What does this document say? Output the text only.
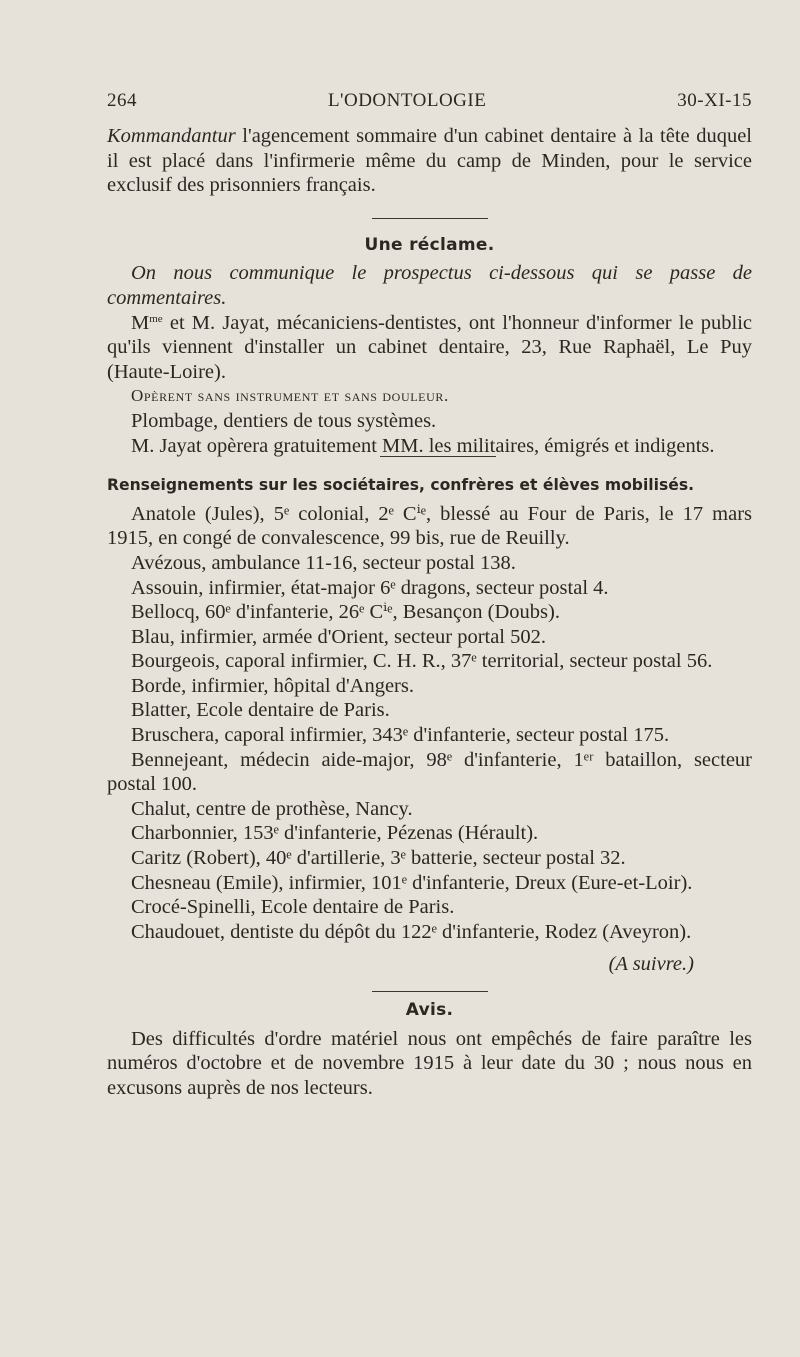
264	L'ODONTOLOGIE	30-XI-15

Kommandantur l'agencement sommaire d'un cabinet dentaire à la tête duquel il est placé dans l'infirmerie même du camp de Minden, pour le service exclusif des prisonniers français.

Une réclame.

On nous communique le prospectus ci-dessous qui se passe de commentaires.

$M^{me}$ et M. Jayat, mécaniciens-dentistes, ont l'honneur d'informer le public qu'ils viennent d'installer un cabinet dentaire, 23, Rue Raphaël, Le Puy (Haute-Loire).

Opèrent sans instrument et sans douleur.

Plombage, dentiers de tous systèmes.

M. Jayat opèrera gratuitement MM. les militaires, émigrés et indigents.

Renseignements sur les sociétaires, confrères et élèves mobilisés.

Anatole (Jules), 5ᵉ colonial, 2ᵉ Cⁱᵉ, blessé au Four de Paris, le 17 mars 1915, en congé de convalescence, 99 bis, rue de Reuilly.

Avézous, ambulance 11-16, secteur postal 138.

Assouin, infirmier, état-major 6ᵉ dragons, secteur postal 4.

Bellocq, 60ᵉ d'infanterie, 26ᵉ Cⁱᵉ, Besançon (Doubs).

Blau, infirmier, armée d'Orient, secteur portal 502.

Bourgeois, caporal infirmier, C. H. R., 37ᵉ territorial, secteur postal 56.

Borde, infirmier, hôpital d'Angers.

Blatter, Ecole dentaire de Paris.

Bruschera, caporal infirmier, 343ᵉ d'infanterie, secteur postal 175.

Bennejeant, médecin aide-major, 98ᵉ d'infanterie, 1ᵉʳ bataillon, secteur postal 100.

Chalut, centre de prothèse, Nancy.

Charbonnier, 153ᵉ d'infanterie, Pézenas (Hérault).

Caritz (Robert), 40ᵉ d'artillerie, 3ᵉ batterie, secteur postal 32.

Chesneau (Emile), infirmier, 101ᵉ d'infanterie, Dreux (Eure-et-Loir).

Crocé-Spinelli, Ecole dentaire de Paris.

Chaudouet, dentiste du dépôt du 122ᵉ d'infanterie, Rodez (Aveyron).

(A suivre.)

Avis.

Des difficultés d'ordre matériel nous ont empêchés de faire paraître les numéros d'octobre et de novembre 1915 à leur date du 30 ; nous nous en excusons auprès de nos lecteurs.
